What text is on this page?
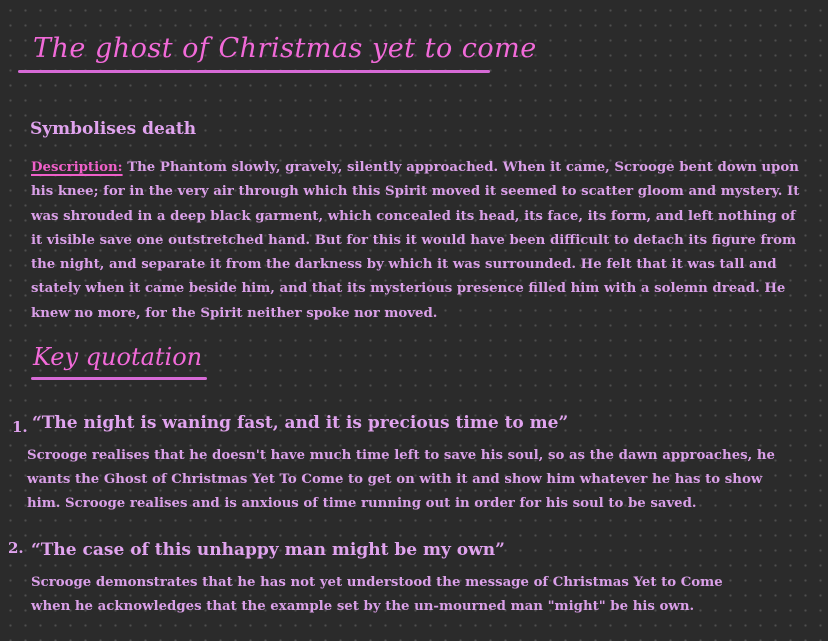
The ghost of Christmas yet to come
Symbolises death

Description: The Phantom slowly, gravely, silently approached. When it came, Scrooge bent down upon his knee; for in the very air through which this Spirit moved it seemed to scatter gloom and mystery. It was shrouded in a deep black garment, which concealed its head, its face, its form, and left nothing of it visible save one outstretched hand. But for this it would have been difficult to detach its figure from the night, and separate it from the darkness by which it was surrounded. He felt that it was tall and stately when it came beside him, and that its mysterious presence filled him with a solemn dread. He knew no more, for the Spirit neither spoke nor moved.

Key quotation
1. “The night is waning fast, and it is precious time to me”

Scrooge realises that he doesn't have much time left to save his soul, so as the dawn approaches, he wants the Ghost of Christmas Yet To Come to get on with it and show him whatever he has to show him. Scrooge realises and is anxious of time running out in order for his soul to be saved.

2. “The case of this unhappy man might be my own”

Scrooge demonstrates that he has not yet understood the message of Christmas Yet to Come when he acknowledges that the example set by the un-mourned man "might" be his own.
